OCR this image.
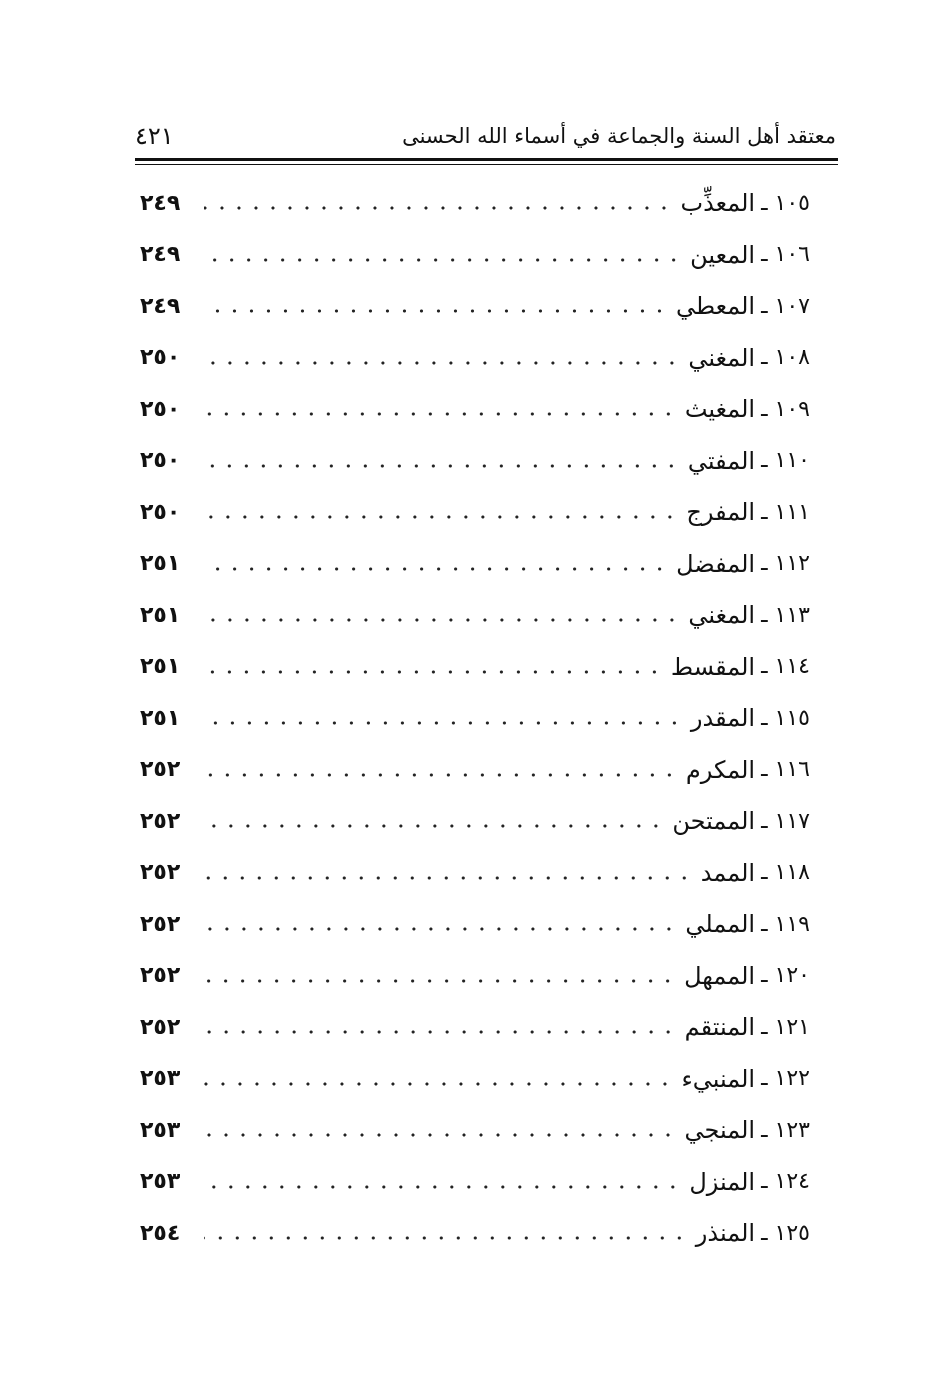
معتقد أهل السنة والجماعة في أسماء الله الحسنى
٤٢١
١٠٥ ـ
المعذِّب
٢٤٩
١٠٦ ـ
المعين
٢٤٩
١٠٧ ـ
المعطي
٢٤٩
١٠٨ ـ
المغني
٢٥٠
١٠٩ ـ
المغيث
٢٥٠
١١٠ ـ
المفتي
٢٥٠
١١١ ـ
المفرج
٢٥٠
١١٢ ـ
المفضل
٢٥١
١١٣ ـ
المغني
٢٥١
١١٤ ـ
المقسط
٢٥١
١١٥ ـ
المقدر
٢٥١
١١٦ ـ
المكرم
٢٥٢
١١٧ ـ
الممتحن
٢٥٢
١١٨ ـ
الممد
٢٥٢
١١٩ ـ
المملي
٢٥٢
١٢٠ ـ
الممهل
٢٥٢
١٢١ ـ
المنتقم
٢٥٢
١٢٢ ـ
المنبيء
٢٥٣
١٢٣ ـ
المنجي
٢٥٣
١٢٤ ـ
المنزل
٢٥٣
١٢٥ ـ
المنذر
٢٥٤
